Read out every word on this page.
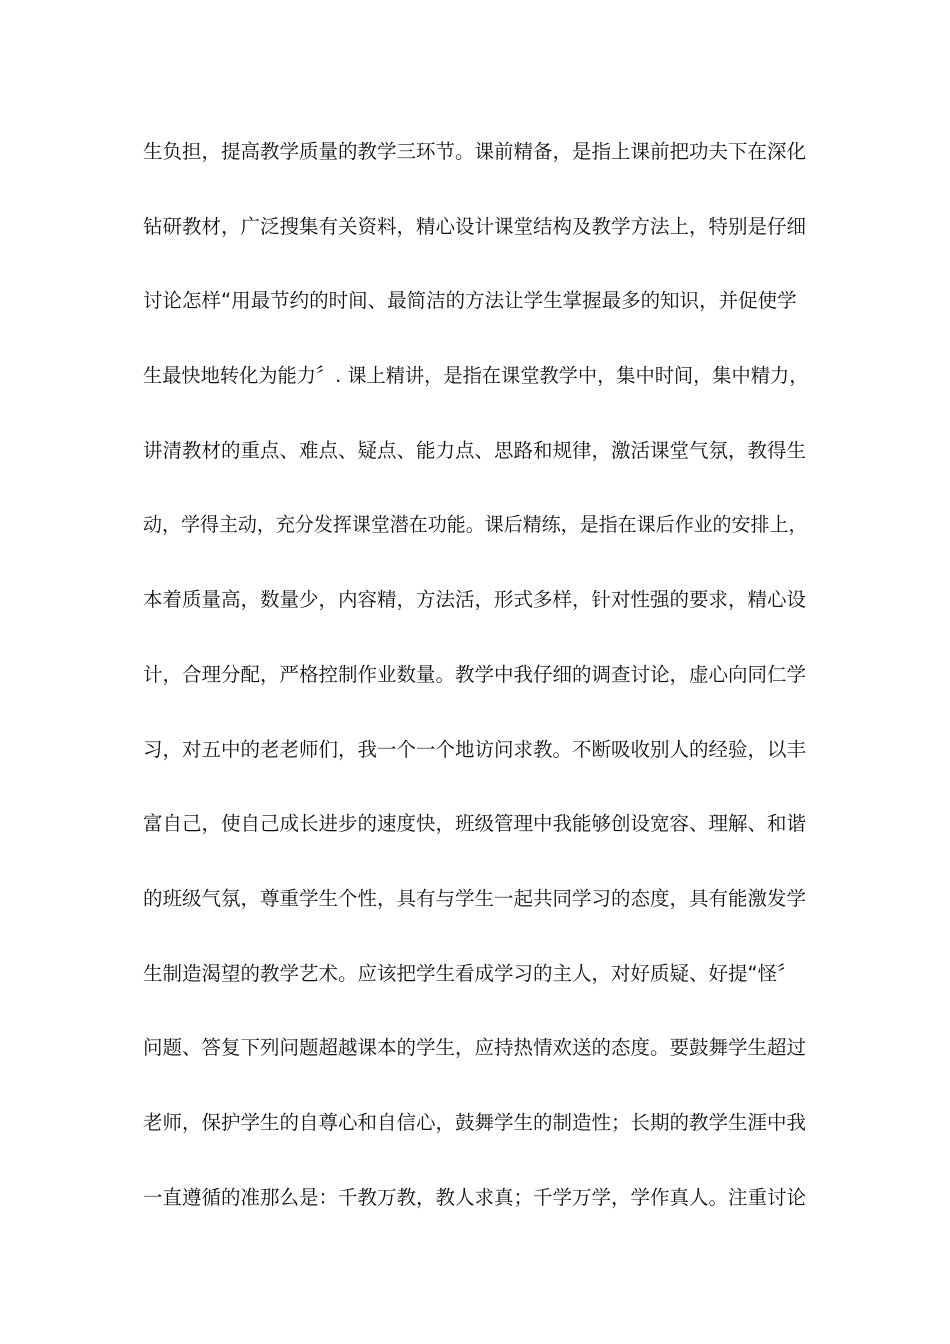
生负担，提高教学质量的教学三环节。课前精备，是指上课前把功夫下在深化
钻研教材，广泛搜集有关资料，精心设计课堂结构及教学方法上，特别是仔细
讨论怎样“用最节约的时间、最简洁的方法让学生掌握最多的知识，并促使学
生最快地转化为能力〞. 课上精讲，是指在课堂教学中，集中时间，集中精力，
讲清教材的重点、难点、疑点、能力点、思路和规律，激活课堂气氛，教得生
动，学得主动，充分发挥课堂潜在功能。课后精练，是指在课后作业的安排上，
本着质量高，数量少，内容精，方法活，形式多样，针对性强的要求，精心设
计，合理分配，严格控制作业数量。教学中我仔细的调查讨论，虚心向同仁学
习，对五中的老老师们，我一个一个地访问求教。不断吸收别人的经验，以丰
富自己，使自己成长进步的速度快，班级管理中我能够创设宽容、理解、和谐
的班级气氛，尊重学生个性，具有与学生一起共同学习的态度，具有能激发学
生制造渴望的教学艺术。应该把学生看成学习的主人，对好质疑、好提“怪〞
问题、答复下列问题超越课本的学生，应持热情欢送的态度。要鼓舞学生超过
老师，保护学生的自尊心和自信心，鼓舞学生的制造性；长期的教学生涯中我
一直遵循的准那么是：千教万教，教人求真；千学万学，学作真人。注重讨论
